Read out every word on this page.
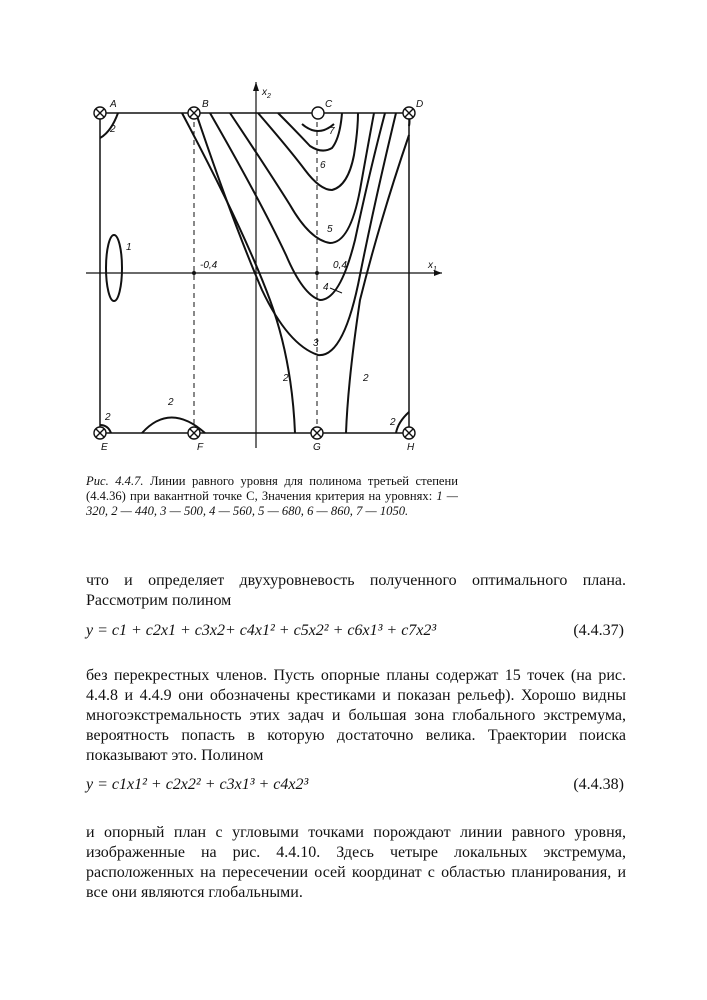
A	B	C	D
E	F	G	H
$x_2$
$x_1$
-0,4	0,4
1
2
2
2
2	2
2
3
4
5
6
7
Рис. 4.4.7. Линии равного уровня для полинома третьей степени (4.4.36) при вакантной точке С, Значения критерия на уровнях: 1 — 320, 2 — 440, 3 — 500, 4 — 560, 5 — 680, 6 — 860, 7 — 1050.
что и определяет двухуровневость полученного оптимального плана. Рассмотрим полином
y = c1 + c2x1 + c3x2+ c4x1² + c5x2² + c6x1³ + c7x2³	(4.4.37)
без перекрестных членов. Пусть опорные планы содержат 15 точек (на рис. 4.4.8 и 4.4.9 они обозначены крестиками и показан рельеф). Хорошо видны многоэкстремальность этих задач и большая зона глобального экстремума, вероятность попасть в которую достаточно велика. Траектории поиска показывают это. Полином
y = c1x1² + c2x2² + c3x1³ + c4x2³	(4.4.38)
и опорный план с угловыми точками порождают линии равного уровня, изображенные на рис. 4.4.10. Здесь четыре локальных экстремума, расположенных на пересечении осей координат с областью планирования, и все они являются глобальными.
